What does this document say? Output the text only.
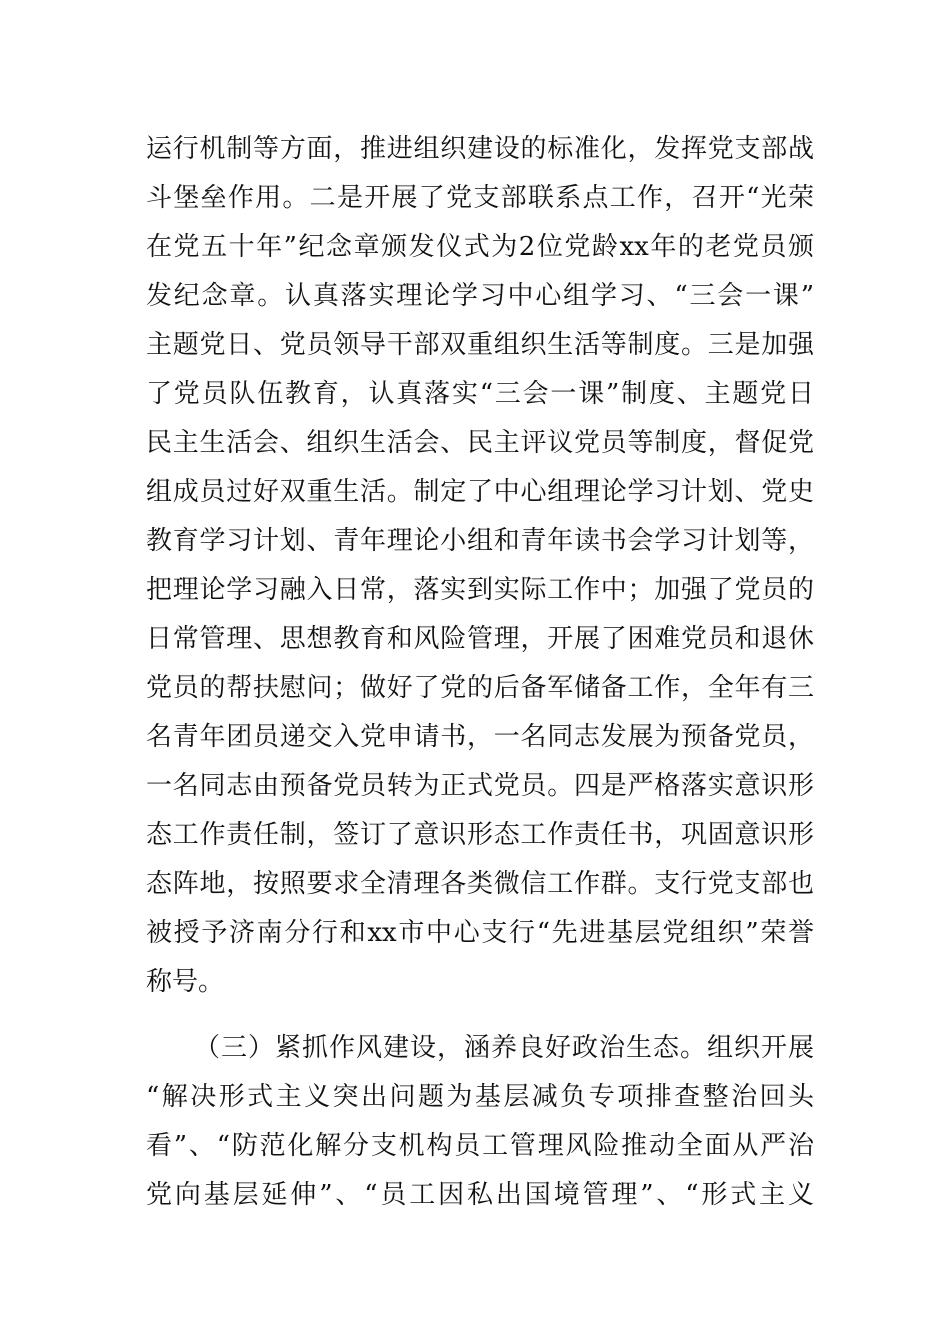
运行机制等方面，推进组织建设的标准化，发挥党支部战
斗堡垒作用。二是开展了党支部联系点工作，召开“光荣
在党五十年”纪念章颁发仪式为2位党龄xx年的老党员颁
发纪念章。认真落实理论学习中心组学习、“三会一课”
主题党日、党员领导干部双重组织生活等制度。三是加强
了党员队伍教育，认真落实“三会一课”制度、主题党日
民主生活会、组织生活会、民主评议党员等制度，督促党
组成员过好双重生活。制定了中心组理论学习计划、党史
教育学习计划、青年理论小组和青年读书会学习计划等，
把理论学习融入日常，落实到实际工作中；加强了党员的
日常管理、思想教育和风险管理，开展了困难党员和退休
党员的帮扶慰问；做好了党的后备军储备工作，全年有三
名青年团员递交入党申请书，一名同志发展为预备党员，
一名同志由预备党员转为正式党员。四是严格落实意识形
态工作责任制，签订了意识形态工作责任书，巩固意识形
态阵地，按照要求全清理各类微信工作群。支行党支部也
被授予济南分行和xx市中心支行“先进基层党组织”荣誉
称号。
（三）紧抓作风建设，涵养良好政治生态。组织开展
“解决形式主义突出问题为基层减负专项排查整治回头
看”、“防范化解分支机构员工管理风险推动全面从严治
党向基层延伸”、“员工因私出国境管理”、“形式主义
